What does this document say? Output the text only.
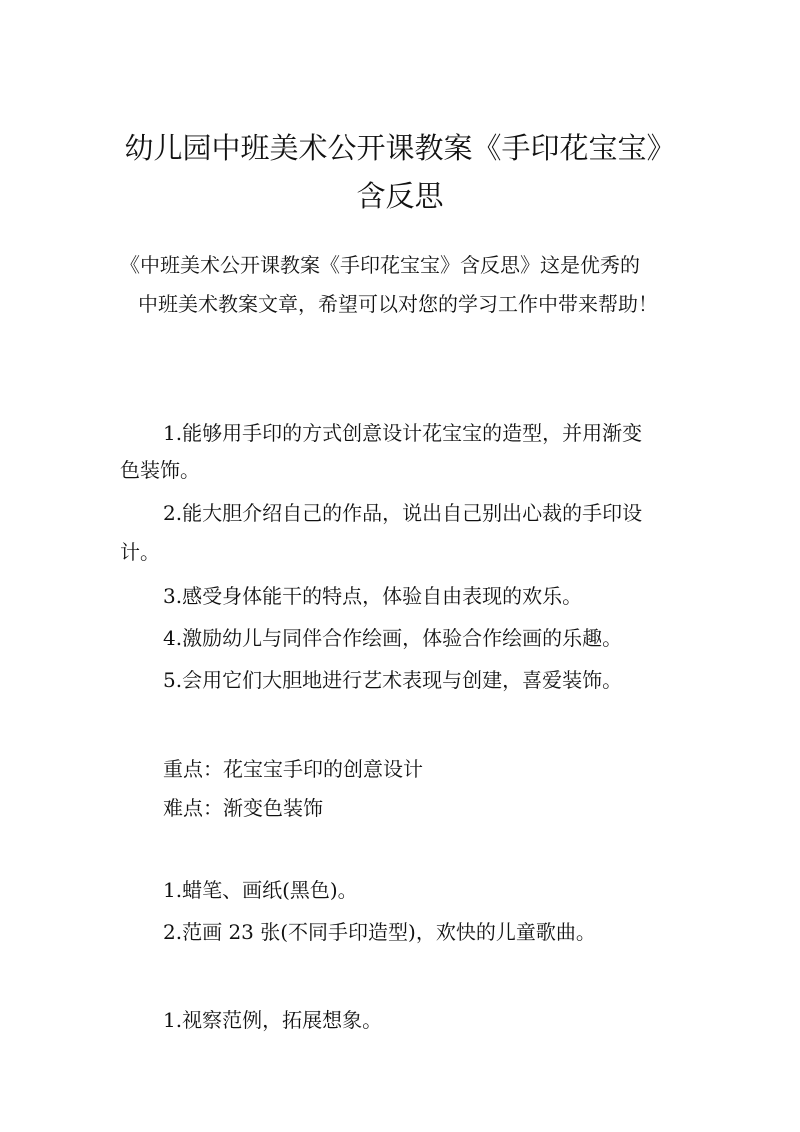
幼儿园中班美术公开课教案《手印花宝宝》
含反思
《中班美术公开课教案《手印花宝宝》含反思》这是优秀的
中班美术教案文章，希望可以对您的学习工作中带来帮助！
1.能够用手印的方式创意设计花宝宝的造型，并用渐变
色装饰。
2.能大胆介绍自己的作品，说出自己别出心裁的手印设
计。
3.感受身体能干的特点，体验自由表现的欢乐。
4.激励幼儿与同伴合作绘画，体验合作绘画的乐趣。
5.会用它们大胆地进行艺术表现与创建，喜爱装饰。
重点：花宝宝手印的创意设计
难点：渐变色装饰
1.蜡笔、画纸(黑色)。
2.范画 23 张(不同手印造型)，欢快的儿童歌曲。
1.视察范例，拓展想象。
